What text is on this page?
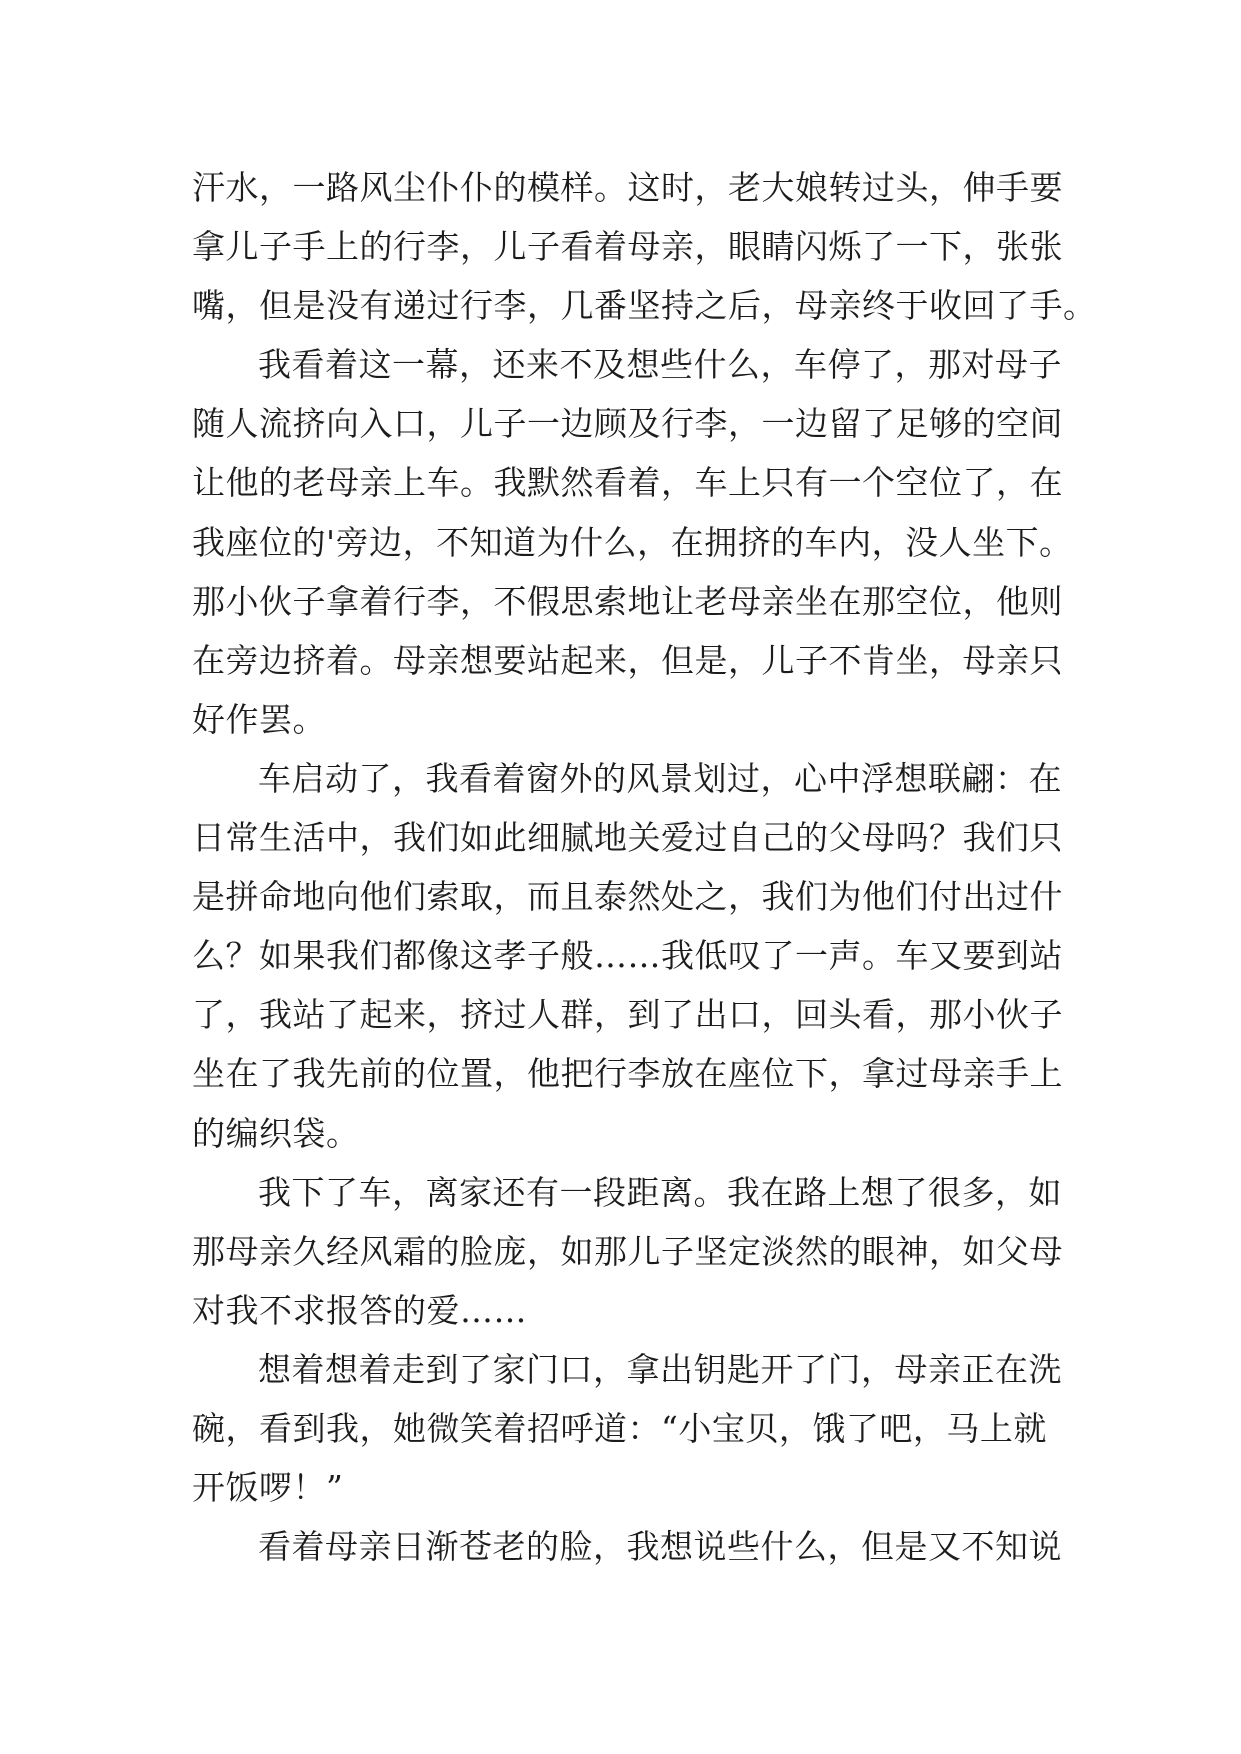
汗水，一路风尘仆仆的模样。这时，老大娘转过头，伸手要
拿儿子手上的行李，儿子看着母亲，眼睛闪烁了一下，张张
嘴，但是没有递过行李，几番坚持之后，母亲终于收回了手。
我看着这一幕，还来不及想些什么，车停了，那对母子
随人流挤向入口，儿子一边顾及行李，一边留了足够的空间
让他的老母亲上车。我默然看着，车上只有一个空位了，在
我座位的'旁边，不知道为什么，在拥挤的车内，没人坐下。
那小伙子拿着行李，不假思索地让老母亲坐在那空位，他则
在旁边挤着。母亲想要站起来，但是，儿子不肯坐，母亲只
好作罢。
车启动了，我看着窗外的风景划过，心中浮想联翩：在
日常生活中，我们如此细腻地关爱过自己的父母吗？我们只
是拼命地向他们索取，而且泰然处之，我们为他们付出过什
么？如果我们都像这孝子般……我低叹了一声。车又要到站
了，我站了起来，挤过人群，到了出口，回头看，那小伙子
坐在了我先前的位置，他把行李放在座位下，拿过母亲手上
的编织袋。
我下了车，离家还有一段距离。我在路上想了很多，如
那母亲久经风霜的脸庞，如那儿子坚定淡然的眼神，如父母
对我不求报答的爱……
想着想着走到了家门口，拿出钥匙开了门，母亲正在洗
碗，看到我，她微笑着招呼道：“小宝贝，饿了吧，马上就
开饭啰！”
看着母亲日渐苍老的脸，我想说些什么，但是又不知说
